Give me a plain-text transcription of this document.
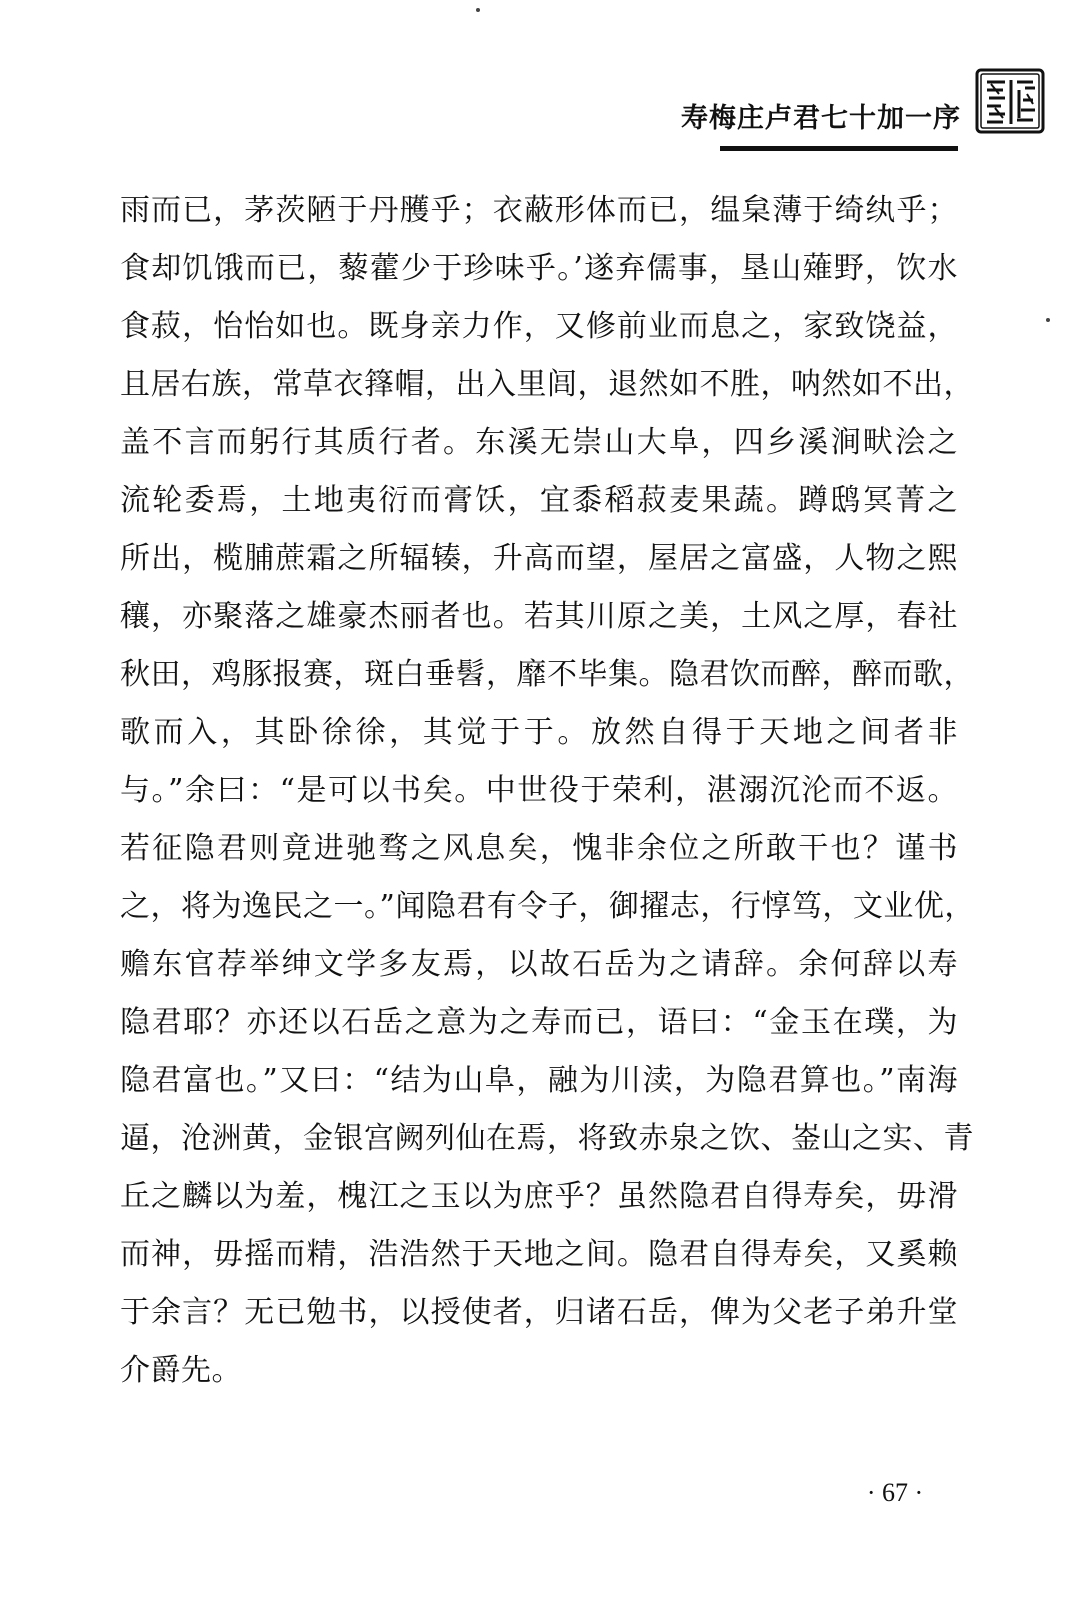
寿梅庄卢君七十加一序
雨而已，茅茨陋于丹雘乎；衣蔽形体而已，缊枲薄于绮纨乎；
食却饥饿而已，藜藿少于珍味乎。’遂弃儒事，垦山薙野，饮水
食菽，怡怡如也。既身亲力作，又修前业而息之，家致饶益，
且居右族，常草衣箨帽，出入里闾，退然如不胜，呐然如不出，
盖不言而躬行其质行者。东溪无崇山大阜，四乡溪涧畎浍之
流轮委焉，土地夷衍而膏饫，宜黍稻菽麦果蔬。蹲鸱冥菁之
所出，榄脯蔗霜之所辐辏，升高而望，屋居之富盛，人物之熙
穰，亦聚落之雄豪杰丽者也。若其川原之美，土风之厚，春社
秋田，鸡豚报赛，斑白垂髫，靡不毕集。隐君饮而醉，醉而歌，
歌而入，其卧徐徐，其觉于于。放然自得于天地之间者非
与。”余曰：“是可以书矣。中世役于荣利，湛溺沉沦而不返。
若征隐君则竟进驰骛之风息矣，愧非余位之所敢干也？谨书
之，将为逸民之一。”闻隐君有令子，御擢志，行惇笃，文业优，
赡东官荐举绅文学多友焉，以故石岳为之请辞。余何辞以寿
隐君耶？亦还以石岳之意为之寿而已，语曰：“金玉在璞，为
隐君富也。”又曰：“结为山阜，融为川渎，为隐君算也。”南海
逼，沧洲黄，金银宫阙列仙在焉，将致赤泉之饮、崟山之实、青
丘之麟以为羞，槐江之玉以为庶乎？虽然隐君自得寿矣，毋滑
而神，毋摇而精，浩浩然于天地之间。隐君自得寿矣，又奚赖
于余言？无已勉书，以授使者，归诸石岳，俾为父老子弟升堂
介爵先。
· 67 ·
